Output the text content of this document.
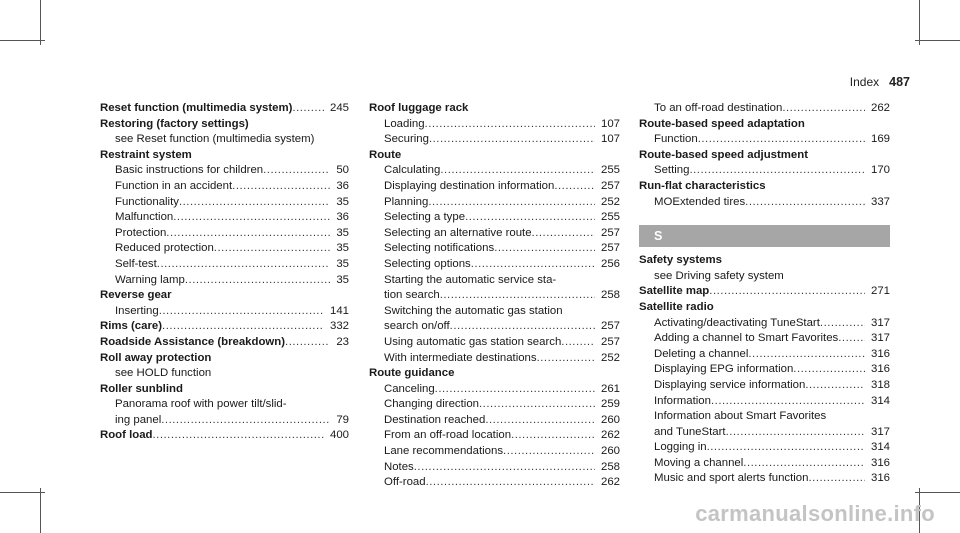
Index 487
Reset function (multimedia system) .....	245
Restoring (factory settings)
see Reset function (multimedia system)
Restraint system
Basic instructions for children .....	50
Function in an accident .....	36
Functionality .....	35
Malfunction .....	36
Protection .....	35
Reduced protection .....	35
Self-test .....	35
Warning lamp .....	35
Reverse gear
Inserting .....	141
Rims (care) .....	332
Roadside Assistance (breakdown) .....	23
Roll away protection
see HOLD function
Roller sunblind
Panorama roof with power tilt/slid-
ing panel .....	79
Roof load .....	400
Roof luggage rack
Loading .....	107
Securing .....	107
Route
Calculating .....	255
Displaying destination information .....	257
Planning .....	252
Selecting a type .....	255
Selecting an alternative route .....	257
Selecting notifications .....	257
Selecting options .....	256
Starting the automatic service sta-
tion search .....	258
Switching the automatic gas station
search on/off .....	257
Using automatic gas station search .....	257
With intermediate destinations .....	252
Route guidance
Canceling .....	261
Changing direction .....	259
Destination reached .....	260
From an off-road location .....	262
Lane recommendations .....	260
Notes .....	258
Off-road .....	262
To an off-road destination .....	262
Route-based speed adaptation
Function .....	169
Route-based speed adjustment
Setting .....	170
Run-flat characteristics
MOExtended tires .....	337
S
Safety systems
see Driving safety system
Satellite map .....	271
Satellite radio
Activating/deactivating TuneStart .....	317
Adding a channel to Smart Favorites .....	317
Deleting a channel .....	316
Displaying EPG information .....	316
Displaying service information .....	318
Information .....	314
Information about Smart Favorites
and TuneStart .....	317
Logging in .....	314
Moving a channel .....	316
Music and sport alerts function .....	316
carmanualsonline.info
